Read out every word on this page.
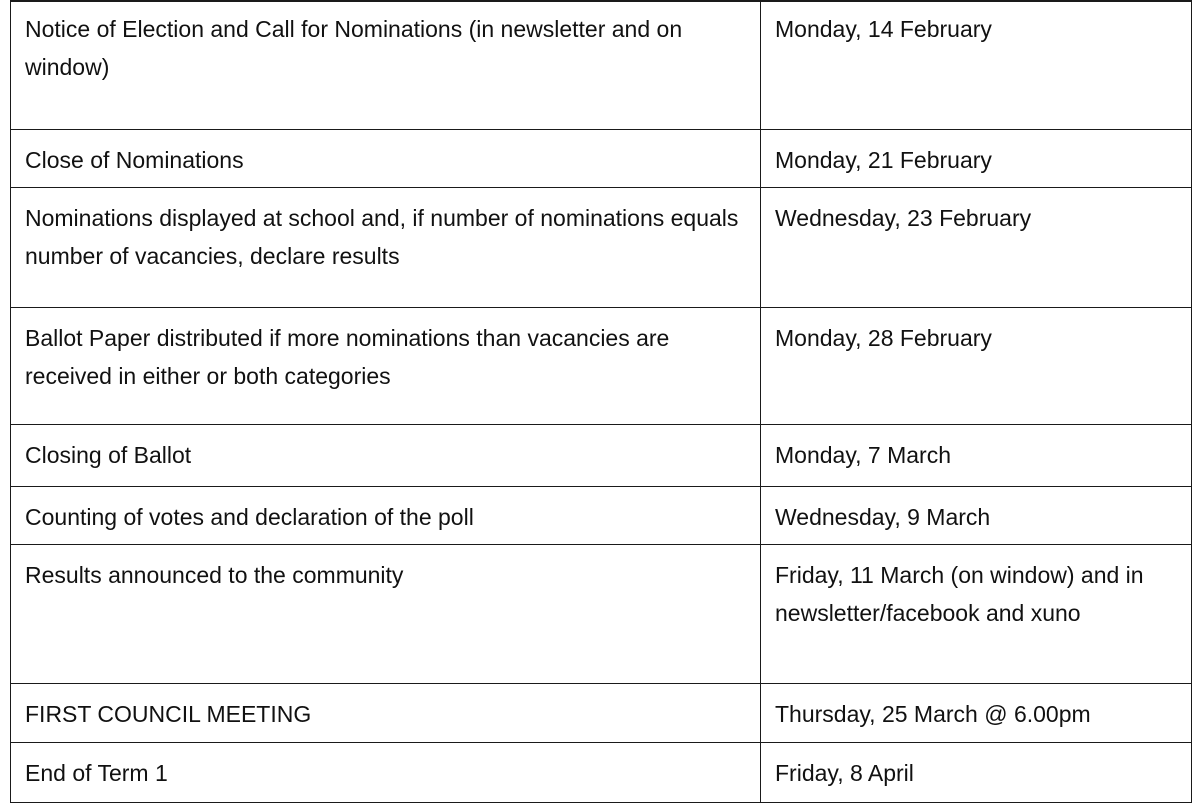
Notice of Election and Call for Nominations (in newsletter and on window)	Monday, 14 February
Close of Nominations	Monday, 21 February
Nominations displayed at school and, if number of nominations equals number of vacancies, declare results	Wednesday, 23 February
Ballot Paper distributed if more nominations than vacancies are received in either or both categories	Monday, 28 February
Closing of Ballot	Monday, 7 March
Counting of votes and declaration of the poll	Wednesday, 9 March
Results announced to the community	Friday, 11 March (on window) and in newsletter/facebook and xuno
FIRST COUNCIL MEETING	Thursday, 25 March @ 6.00pm
End of Term 1	Friday, 8 April
